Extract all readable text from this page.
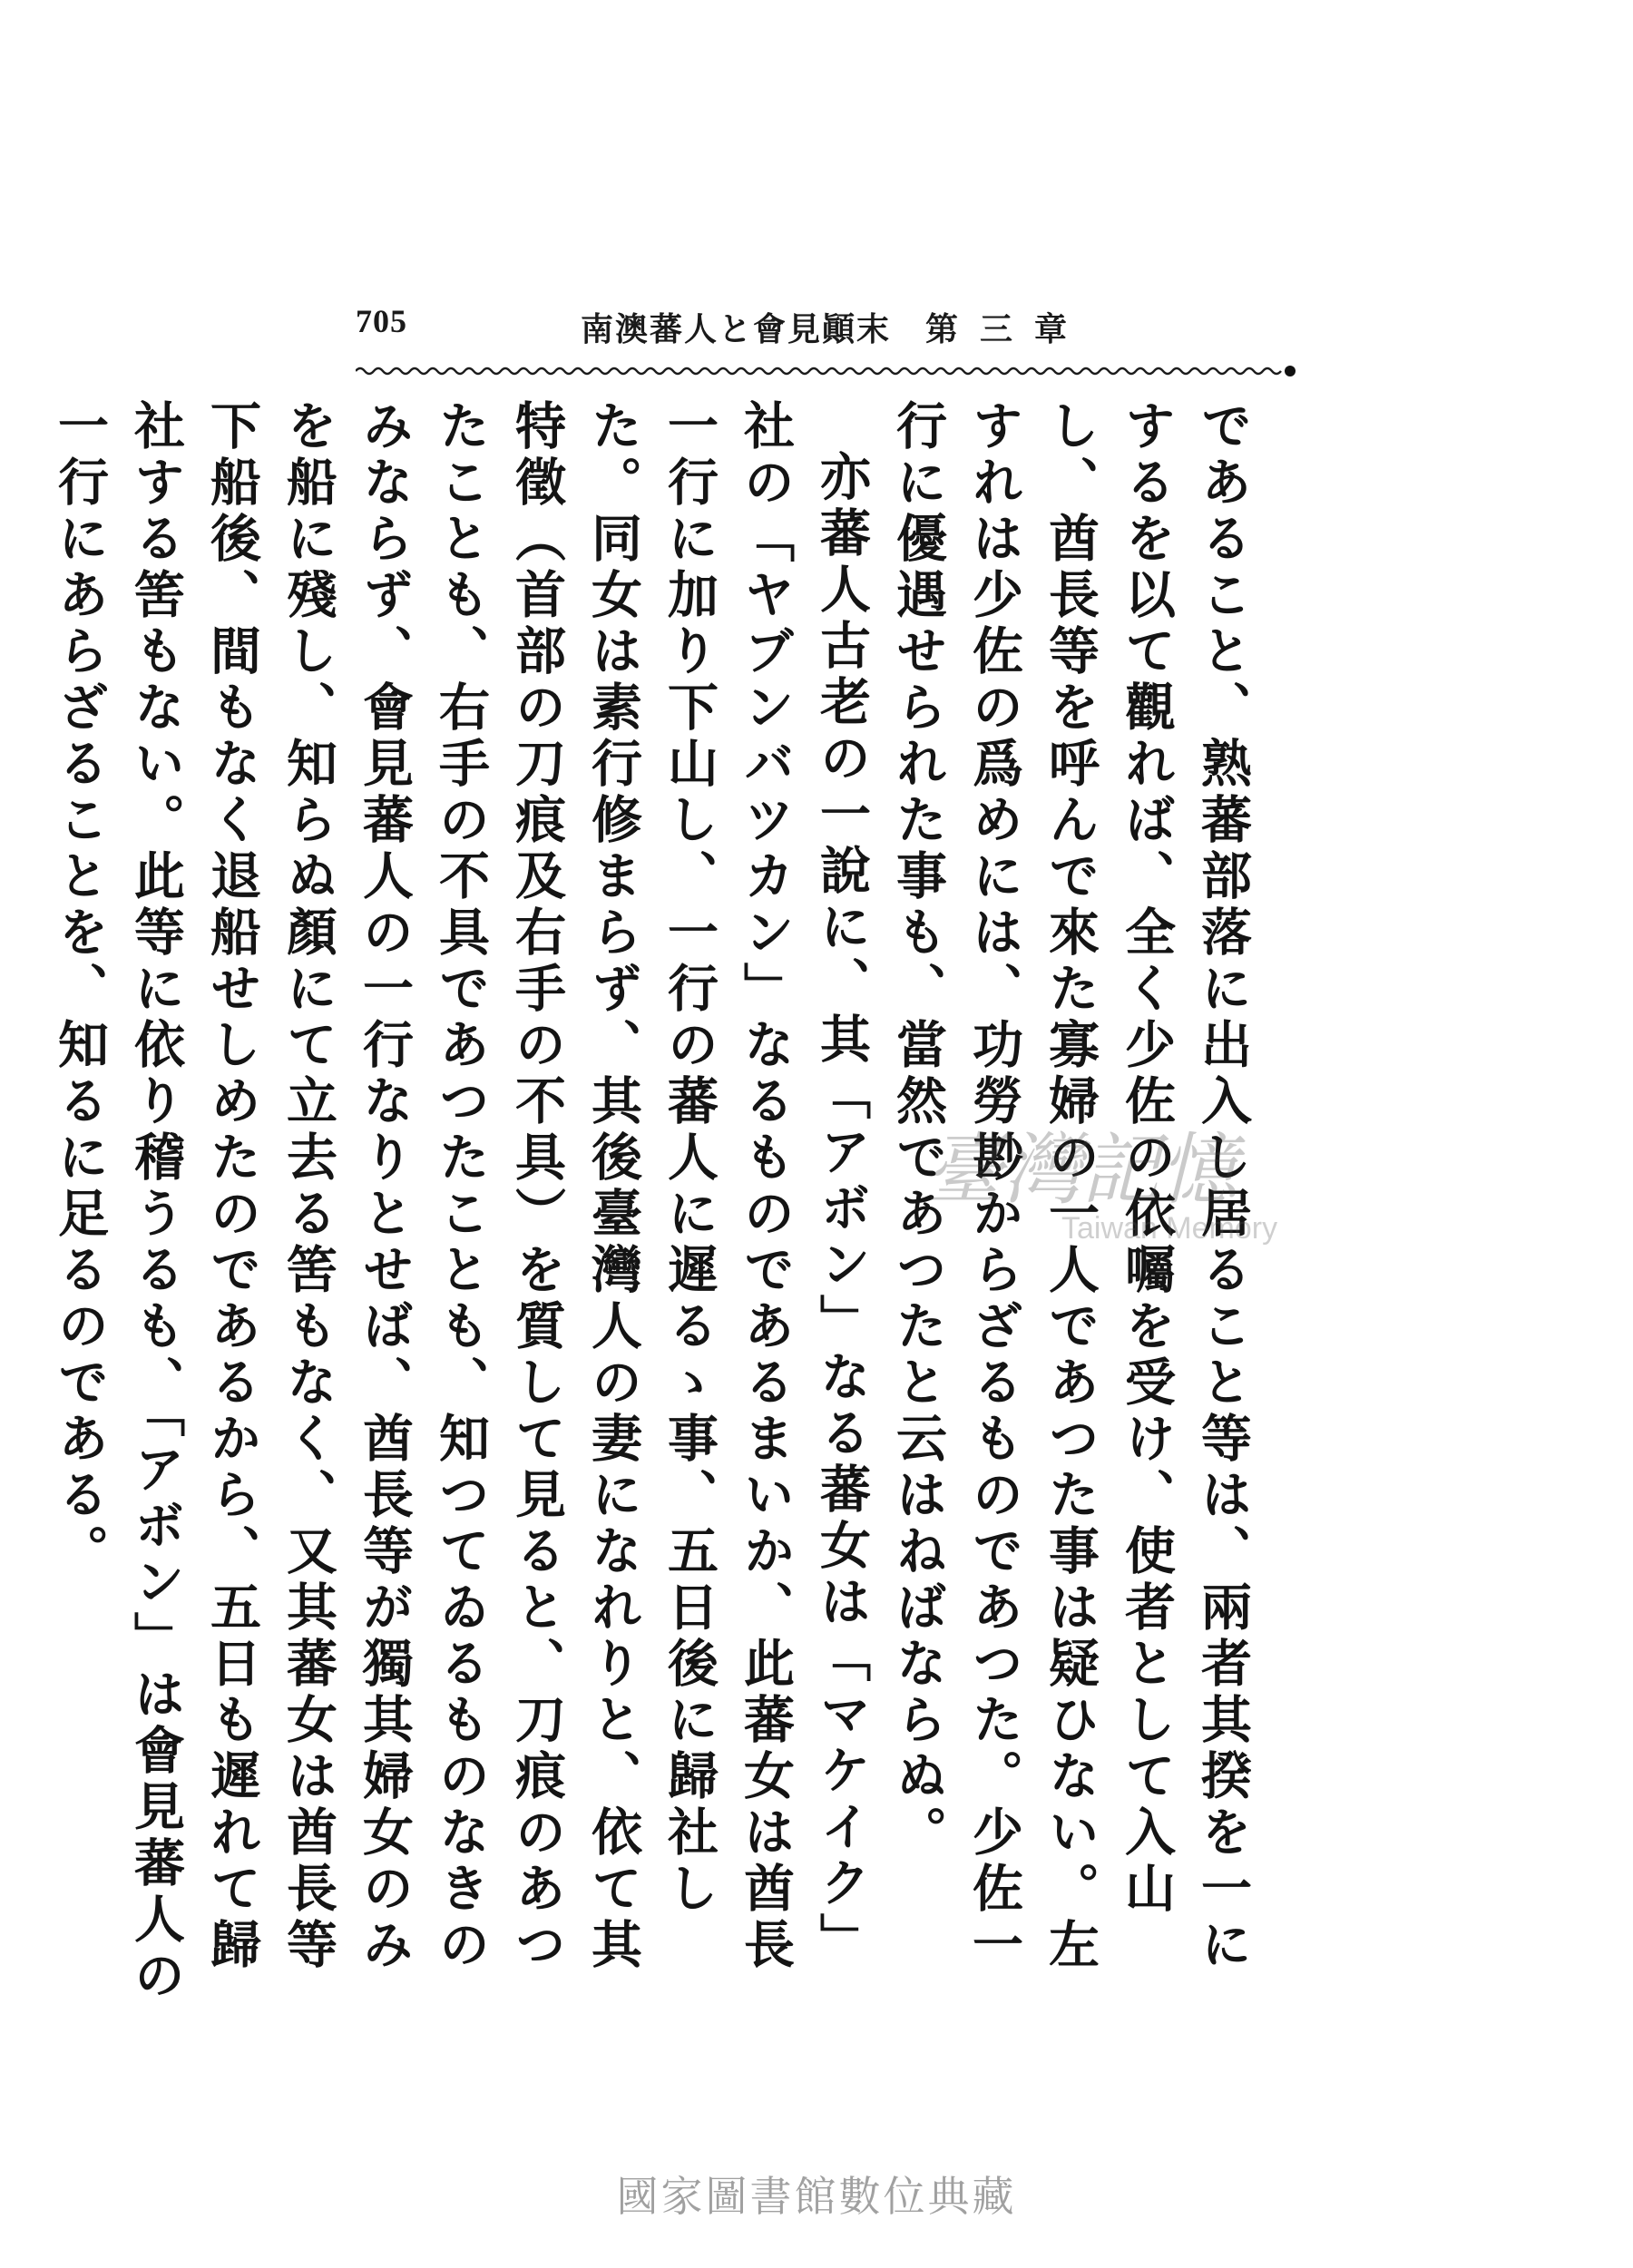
705	南澳蕃人と會見顚末 第三章

であること、熟蕃部落に出入し居ること等は、兩者其揆を一にするを以て觀れば、全く少佐の依囑を受け、使者として入山し、酋長等を呼んで來た寡婦の一人であつた事は疑ひない。左すれは少佐の爲めには、功勞尠からざるものであつた。少佐一行に優遇せられた事も、當然であつたと云はねばならぬ。

亦蕃人古老の一說に、其「アボン」なる蕃女は「マケイク」社の「ヤブンバツカン」なるものであるまいか、此蕃女は酋長一行に加り下山し、一行の蕃人に遲るゝ事、五日後に歸社した。同女は素行修まらず、其後臺灣人の妻になれりと、依て其特徵（首部の刀痕及右手の不具）を質して見ると、刀痕のあつたことも、右手の不具であつたことも、知つてゐるものなきのみならず、會見蕃人の一行なりとせば、酋長等が獨其婦女のみを船に殘し、知らぬ顏にて立去る筈もなく、又其蕃女は酋長等下船後、間もなく退船せしめたのであるから、五日も遲れて歸社する筈もない。此等に依り稽うるも、「アボン」は會見蕃人の一行にあらざることを、知るに足るのである。	臺灣記憶
Taiwan Memory
國家圖書館數位典藏
